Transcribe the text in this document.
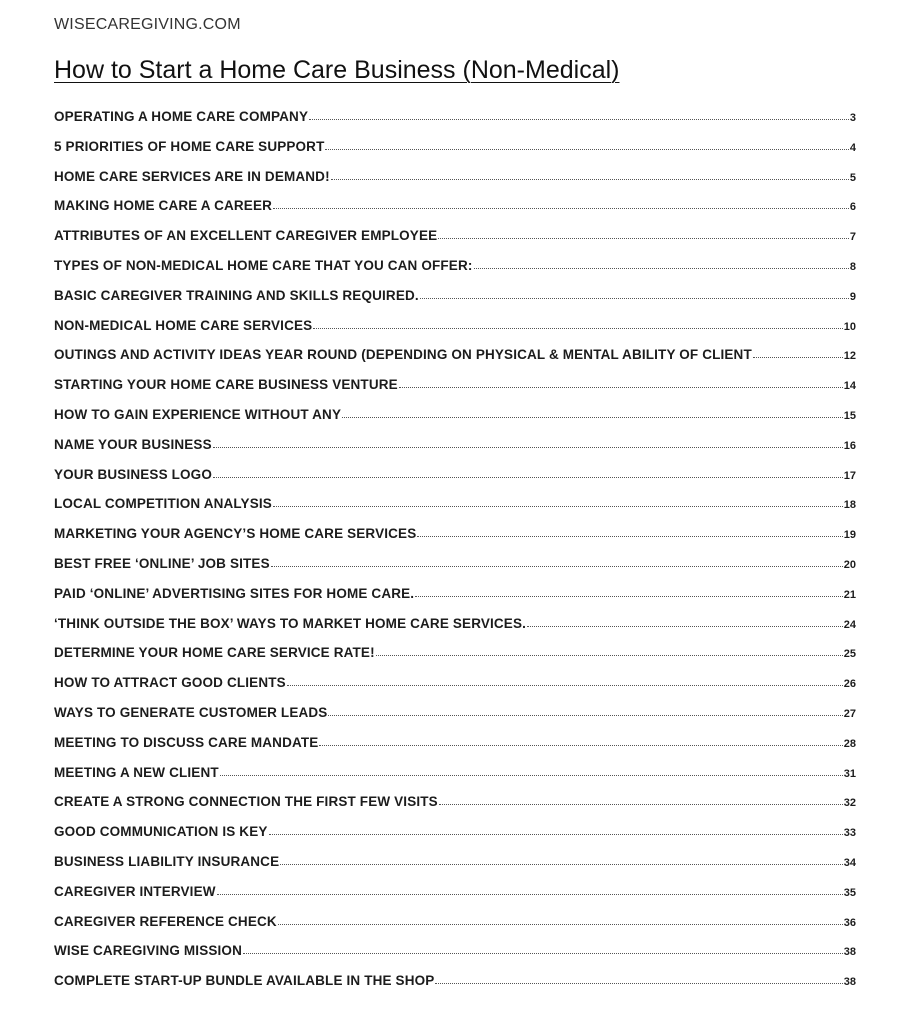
WISECAREGIVING.COM
How to Start a Home Care Business (Non-Medical)
OPERATING A HOME CARE COMPANY	3
5 PRIORITIES OF HOME CARE SUPPORT	4
HOME CARE SERVICES ARE IN DEMAND!	5
MAKING HOME CARE A CAREER	6
ATTRIBUTES OF AN EXCELLENT CAREGIVER EMPLOYEE	7
TYPES OF NON-MEDICAL HOME CARE THAT YOU CAN OFFER:	8
BASIC CAREGIVER TRAINING AND SKILLS REQUIRED.	9
NON-MEDICAL HOME CARE SERVICES	10
OUTINGS AND ACTIVITY IDEAS YEAR ROUND (DEPENDING ON PHYSICAL & MENTAL ABILITY OF CLIENT	12
STARTING YOUR HOME CARE BUSINESS VENTURE	14
HOW TO GAIN EXPERIENCE WITHOUT ANY	15
NAME YOUR BUSINESS	16
YOUR BUSINESS LOGO	17
LOCAL COMPETITION ANALYSIS	18
MARKETING YOUR AGENCY’S HOME CARE SERVICES	19
BEST FREE ‘ONLINE’ JOB SITES	20
PAID ‘ONLINE’ ADVERTISING SITES FOR HOME CARE.	21
‘THINK OUTSIDE THE BOX’ WAYS TO MARKET HOME CARE SERVICES.	24
DETERMINE YOUR HOME CARE SERVICE RATE!	25
HOW TO ATTRACT GOOD CLIENTS	26
WAYS TO GENERATE CUSTOMER LEADS	27
MEETING TO DISCUSS CARE MANDATE	28
MEETING A NEW CLIENT	31
CREATE A STRONG CONNECTION THE FIRST FEW VISITS	32
GOOD COMMUNICATION IS KEY	33
BUSINESS LIABILITY INSURANCE	34
CAREGIVER INTERVIEW	35
CAREGIVER REFERENCE CHECK	36
WISE CAREGIVING MISSION	38
COMPLETE START-UP BUNDLE AVAILABLE IN THE SHOP	38
